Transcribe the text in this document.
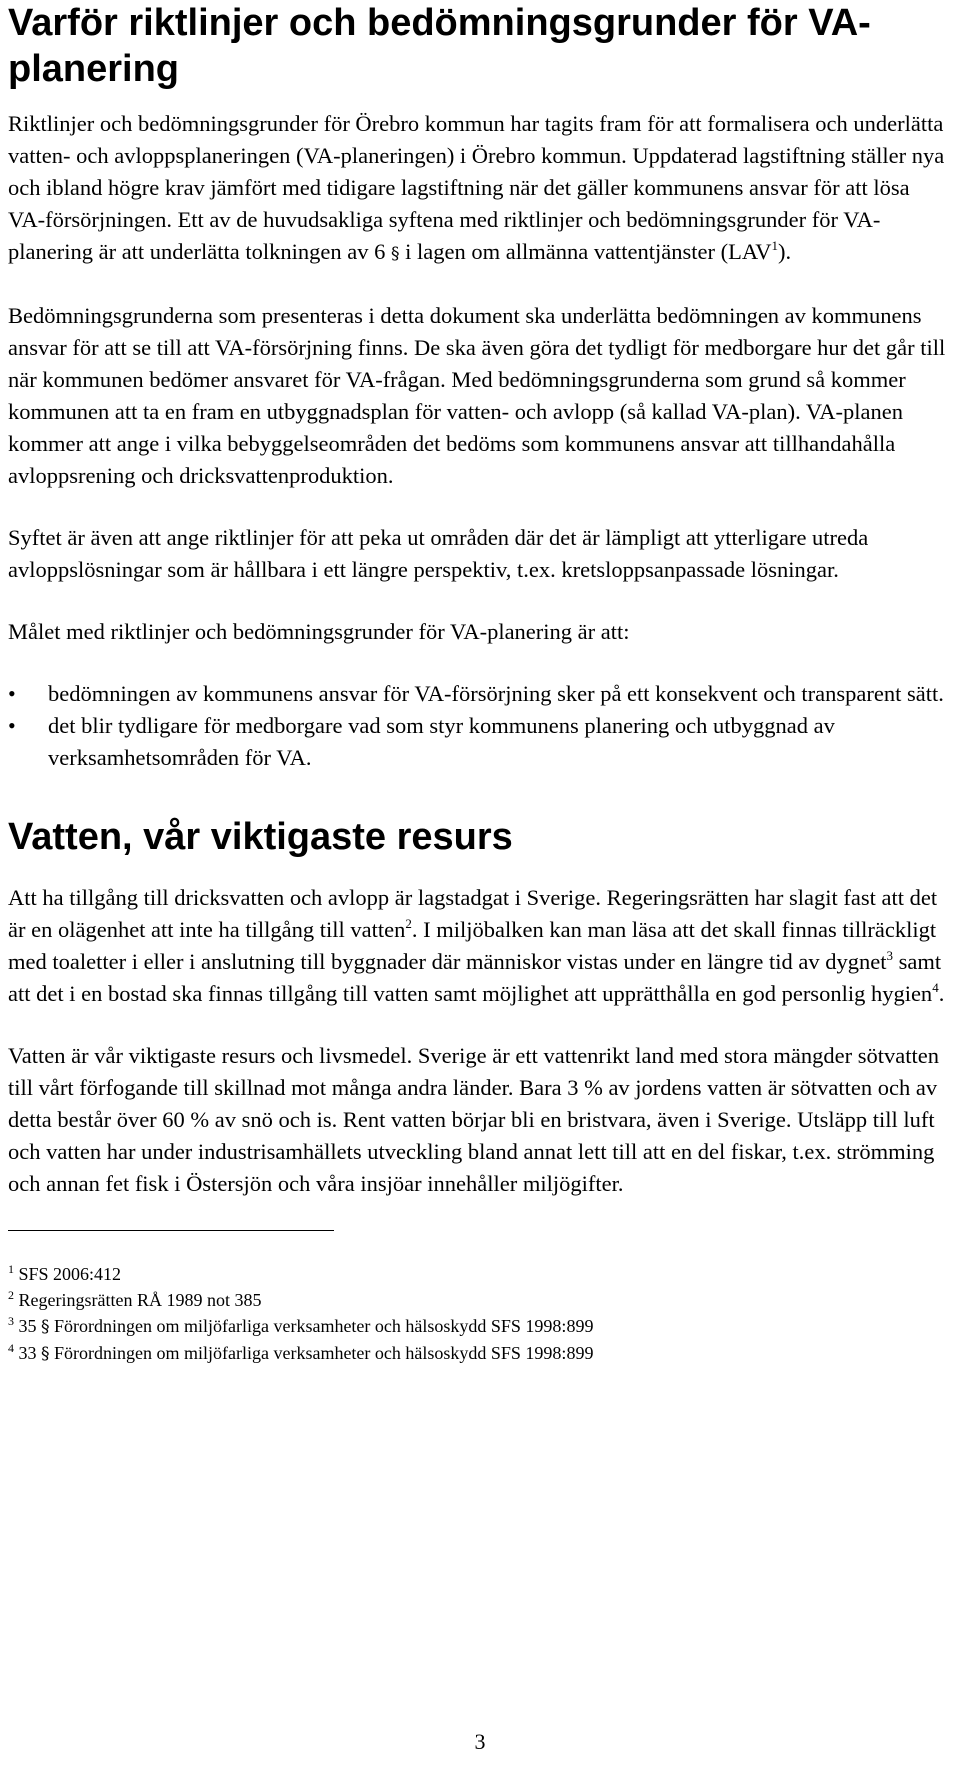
Varför riktlinjer och bedömningsgrunder för VA-planering

Riktlinjer och bedömningsgrunder för Örebro kommun har tagits fram för att formalisera och underlätta vatten- och avloppsplaneringen (VA-planeringen) i Örebro kommun. Uppdaterad lagstiftning ställer nya och ibland högre krav jämfört med tidigare lagstiftning när det gäller kommunens ansvar för att lösa VA-försörjningen. Ett av de huvudsakliga syftena med riktlinjer och bedömningsgrunder för VA-planering är att underlätta tolkningen av 6 § i lagen om allmänna vattentjänster (LAV$^1$).

Bedömningsgrunderna som presenteras i detta dokument ska underlätta bedömningen av kommunens ansvar för att se till att VA-försörjning finns. De ska även göra det tydligt för medborgare hur det går till när kommunen bedömer ansvaret för VA-frågan. Med bedömningsgrunderna som grund så kommer kommunen att ta en fram en utbyggnadsplan för vatten- och avlopp (så kallad VA-plan). VA-planen kommer att ange i vilka bebyggelseområden det bedöms som kommunens ansvar att tillhandahålla avloppsrening och dricksvattenproduktion.

Syftet är även att ange riktlinjer för att peka ut områden där det är lämpligt att ytterligare utreda avloppslösningar som är hållbara i ett längre perspektiv, t.ex. kretsloppsanpassade lösningar.

Målet med riktlinjer och bedömningsgrunder för VA-planering är att:

• bedömningen av kommunens ansvar för VA-försörjning sker på ett konsekvent och transparent sätt.
• det blir tydligare för medborgare vad som styr kommunens planering och utbyggnad av verksamhetsområden för VA.
Vatten, vår viktigaste resurs

Att ha tillgång till dricksvatten och avlopp är lagstadgat i Sverige. Regeringsrätten har slagit fast att det är en olägenhet att inte ha tillgång till vatten$^2$. I miljöbalken kan man läsa att det skall finnas tillräckligt med toaletter i eller i anslutning till byggnader där människor vistas under en längre tid av dygnet$^3$ samt att det i en bostad ska finnas tillgång till vatten samt möjlighet att upprätthålla en god personlig hygien$^4$.

Vatten är vår viktigaste resurs och livsmedel. Sverige är ett vattenrikt land med stora mängder sötvatten till vårt förfogande till skillnad mot många andra länder. Bara 3 % av jordens vatten är sötvatten och av detta består över 60 % av snö och is. Rent vatten börjar bli en bristvara, även i Sverige. Utsläpp till luft och vatten har under industrisamhällets utveckling bland annat lett till att en del fiskar, t.ex. strömming och annan fet fisk i Östersjön och våra insjöar innehåller miljögifter.

$^1$ SFS 2006:412
$^2$ Regeringsrätten RÅ 1989 not 385
$^3$ 35 § Förordningen om miljöfarliga verksamheter och hälsoskydd SFS 1998:899
$^4$ 33 § Förordningen om miljöfarliga verksamheter och hälsoskydd SFS 1998:899
3
